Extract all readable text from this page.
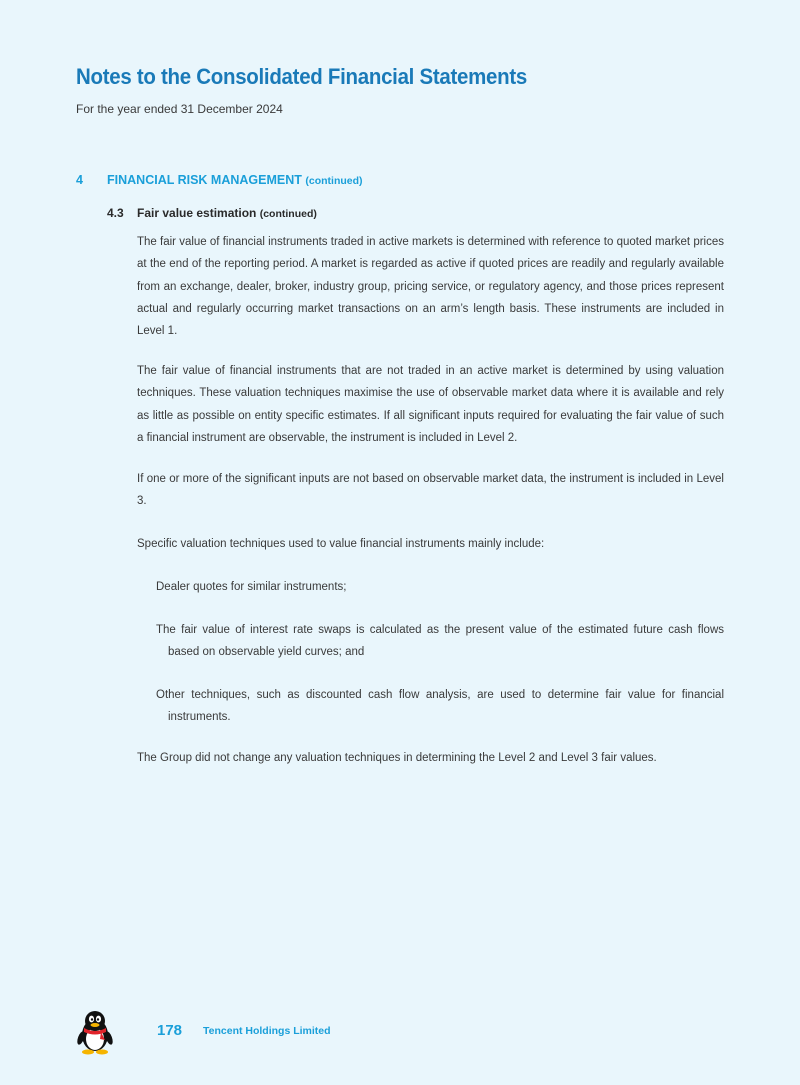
Notes to the Consolidated Financial Statements
For the year ended 31 December 2024
4 FINANCIAL RISK MANAGEMENT (continued)
4.3 Fair value estimation (continued)

The fair value of financial instruments traded in active markets is determined with reference to quoted market prices at the end of the reporting period. A market is regarded as active if quoted prices are readily and regularly available from an exchange, dealer, broker, industry group, pricing service, or regulatory agency, and those prices represent actual and regularly occurring market transactions on an arm’s length basis. These instruments are included in Level 1.

The fair value of financial instruments that are not traded in an active market is determined by using valuation techniques. These valuation techniques maximise the use of observable market data where it is available and rely as little as possible on entity specific estimates. If all significant inputs required for evaluating the fair value of such a financial instrument are observable, the instrument is included in Level 2.

If one or more of the significant inputs are not based on observable market data, the instrument is included in Level 3.

Specific valuation techniques used to value financial instruments mainly include:

Dealer quotes for similar instruments;
The fair value of interest rate swaps is calculated as the present value of the estimated future cash flows
based on observable yield curves; and
Other techniques, such as discounted cash flow analysis, are used to determine fair value for financial
instruments.

The Group did not change any valuation techniques in determining the Level 2 and Level 3 fair values.

178 Tencent Holdings Limited
